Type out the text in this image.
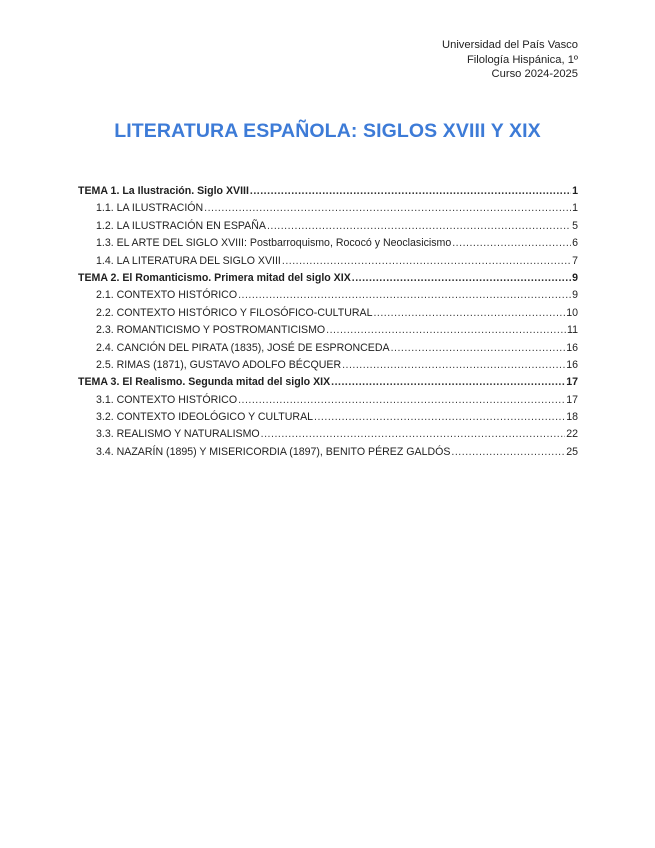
Universidad del País Vasco
Filología Hispánica, 1º
Curso 2024-2025
LITERATURA ESPAÑOLA: SIGLOS XVIII Y XIX
TEMA 1. La Ilustración. Siglo XVIII .....	1
1.1. LA ILUSTRACIÓN .....	1
1.2. LA ILUSTRACIÓN EN ESPAÑA .....	5
1.3. EL ARTE DEL SIGLO XVIII: Postbarroquismo, Rococó y Neoclasicismo .....	6
1.4. LA LITERATURA DEL SIGLO XVIII .....	7
TEMA 2. El Romanticismo. Primera mitad del siglo XIX .....	9
2.1. CONTEXTO HISTÓRICO .....	9
2.2. CONTEXTO HISTÓRICO Y FILOSÓFICO-CULTURAL .....	10
2.3. ROMANTICISMO Y POSTROMANTICISMO .....	11
2.4. CANCIÓN DEL PIRATA (1835), JOSÉ DE ESPRONCEDA .....	16
2.5. RIMAS (1871), GUSTAVO ADOLFO BÉCQUER .....	16
TEMA 3. El Realismo. Segunda mitad del siglo XIX .....	17
3.1. CONTEXTO HISTÓRICO .....	17
3.2. CONTEXTO IDEOLÓGICO Y CULTURAL .....	18
3.3. REALISMO Y NATURALISMO .....	22
3.4. NAZARÍN (1895) Y MISERICORDIA (1897), BENITO PÉREZ GALDÓS .....	25
